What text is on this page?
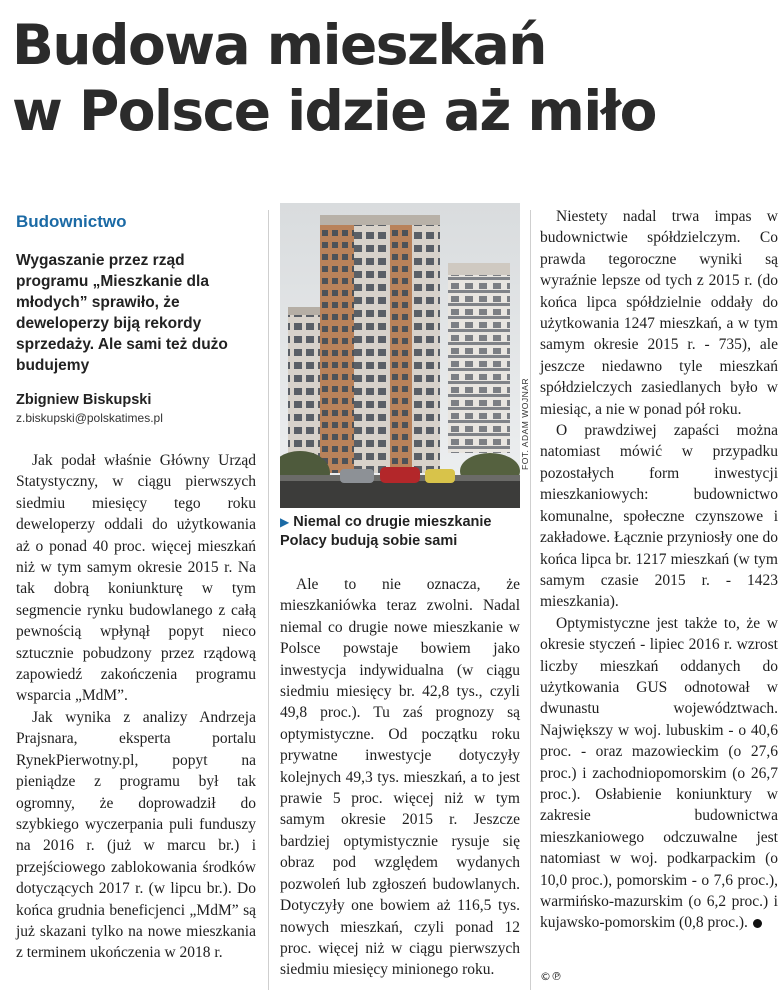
Budowa mieszkań
w Polsce idzie aż miło
Budownictwo

Wygaszanie przez rząd programu „Mieszkanie dla młodych” sprawiło, że deweloperzy biją rekordy sprzedaży. Ale sami też dużo budujemy

Zbigniew Biskupski
z.biskupski@polskatimes.pl

Jak podał właśnie Główny Urząd Statystyczny, w ciągu pierwszych siedmiu miesięcy tego roku deweloperzy oddali do użytkowania aż o ponad 40 proc. więcej mieszkań niż w tym samym okresie 2015 r. Na tak dobrą koniunkturę w tym segmencie rynku budowlanego z całą pewnością wpłynął popyt nieco sztucznie pobudzony przez rządową zapowiedź zakończenia programu wsparcia „MdM”.

Jak wynika z analizy Andrzeja Prajsnara, eksperta portalu RynekPierwotny.pl, popyt na pieniądze z programu był tak ogromny, że doprowadził do szybkiego wyczerpania puli funduszy na 2016 r. (już w marcu br.) i przejściowego zablokowania środków dotyczących 2017 r. (w lipcu br.). Do końca grudnia beneficjenci „MdM” są już skazani tylko na nowe mieszkania z terminem ukończenia w 2018 r.

FOT. ADAM WOJNAR
▶ Niemal co drugie mieszkanie Polacy budują sobie sami

Ale to nie oznacza, że mieszkaniówka teraz zwolni. Nadal niemal co drugie nowe mieszkanie w Polsce powstaje bowiem jako inwestycja indywidualna (w ciągu siedmiu miesięcy br. 42,8 tys., czyli 49,8 proc.). Tu zaś prognozy są optymistyczne. Od początku roku prywatne inwestycje dotyczyły kolejnych 49,3 tys. mieszkań, a to jest prawie 5 proc. więcej niż w tym samym okresie 2015 r. Jeszcze bardziej optymistycznie rysuje się obraz pod względem wydanych pozwoleń lub zgłoszeń budowlanych. Dotyczyły one bowiem aż 116,5 tys. nowych mieszkań, czyli ponad 12 proc. więcej niż w ciągu pierwszych siedmiu miesięcy minionego roku.

Niestety nadal trwa impas w budownictwie spółdzielczym. Co prawda tegoroczne wyniki są wyraźnie lepsze od tych z 2015 r. (do końca lipca spółdzielnie oddały do użytkowania 1247 mieszkań, a w tym samym okresie 2015 r. - 735), ale jeszcze niedawno tyle mieszkań spółdzielczych zasiedlanych było w miesiąc, a nie w ponad pół roku.

O prawdziwej zapaści można natomiast mówić w przypadku pozostałych form inwestycji mieszkaniowych: budownictwo komunalne, społeczne czynszowe i zakładowe. Łącznie przyniosły one do końca lipca br. 1217 mieszkań (w tym samym czasie 2015 r. - 1423 mieszkania).

Optymistyczne jest także to, że w okresie styczeń - lipiec 2016 r. wzrost liczby mieszkań oddanych do użytkowania GUS odnotował w dwunastu województwach. Największy w woj. lubuskim - o 40,6 proc. - oraz mazowieckim (o 27,6 proc.) i zachodniopomorskim (o 26,7 proc.). Osłabienie koniunktury w zakresie budownictwa mieszkaniowego odczuwalne jest natomiast w woj. podkarpackim (o 10,0 proc.), pomorskim - o 7,6 proc.), warmińsko-mazurskim (o 6,2 proc.) i kujawsko-pomorskim (0,8 proc.).

©℗
